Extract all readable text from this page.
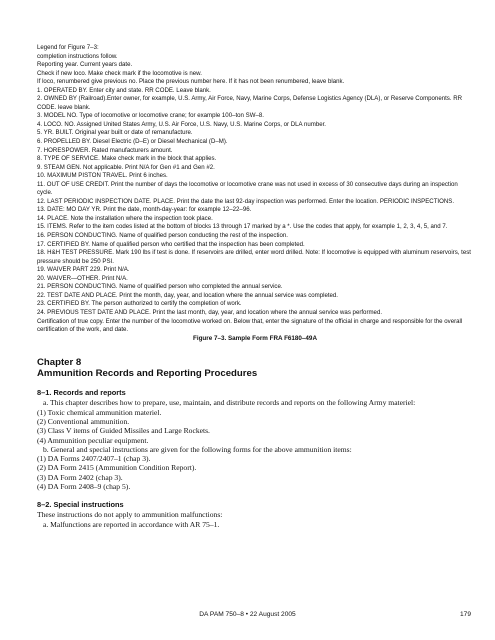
Legend for Figure 7–3:

completion instructions follow.

Reporting year. Current years date.

Check if new loco. Make check mark if the locomotive is new.

If loco, renumbered give previous no. Place the previous number here. If it has not been renumbered, leave blank.

1. OPERATED BY. Enter city and state. RR CODE. Leave blank.

2. OWNED BY (Railroad).Enter owner, for example, U.S. Army, Air Force, Navy, Marine Corps, Defense Logistics Agency (DLA), or Reserve Components. RR CODE. leave blank.

3. MODEL NO. Type of locomotive or locomotive crane; for example 100–ton SW–8.

4. LOCO. NO. Assigned United States Army, U.S. Air Force, U.S. Navy, U.S. Marine Corps, or DLA number.

5. YR. BUILT. Original year built or date of remanufacture.

6. PROPELLED BY. Diesel Electric (D–E) or Diesel Mechanical (D–M).

7. HORESPOWER. Rated manufacturers amount.

8. TYPE OF SERVICE. Make check mark in the block that applies.

9. STEAM GEN. Not applicable. Print N/A for Gen #1 and Gen #2.

10. MAXIMUM PISTON TRAVEL. Print 6 inches.

11. OUT OF USE CREDIT. Print the number of days the locomotive or locomotive crane was not used in excess of 30 consecutive days during an inspection cycle.

12. LAST PERIODIC INSPECTION DATE. PLACE. Print the date the last 92-day inspection was performed. Enter the location. PERIODIC INSPECTIONS.

13. DATE: MO DAY YR. Print the date, month-day-year: for example 12–22–96.

14. PLACE. Note the installation where the inspection took place.

15. ITEMS. Refer to the item codes listed at the bottom of blocks 13 through 17 marked by a *. Use the codes that apply, for example 1, 2, 3, 4, 5, and 7.

16. PERSON CONDUCTING. Name of qualified person conducting the rest of the inspection.

17. CERTIFIED BY. Name of qualified person who certified that the inspection has been completed.

18. H&H TEST PRESSURE. Mark 190 lbs if test is done. If reservoirs are drilled, enter word drilled. Note: If locomotive is equipped with aluminum reservoirs, test pressure should be 250 PSI.

19. WAIVER PART 229. Print N/A.

20. WAIVER—OTHER. Print N/A.

21. PERSON CONDUCTING. Name of qualified person who completed the annual service.

22. TEST DATE AND PLACE. Print the month, day, year, and location where the annual service was completed.

23. CERTIFIED BY. The person authorized to certify the completion of work.

24. PREVIOUS TEST DATE AND PLACE. Print the last month, day, year, and location where the annual service was performed.

Certification of true copy. Enter the number of the locomotive worked on. Below that, enter the signature of the official in charge and responsible for the overall certification of the work, and date.

Figure 7–3. Sample Form FRA F6180–49A

Chapter 8

Ammunition Records and Reporting Procedures

8–1. Records and reports

a. This chapter describes how to prepare, use, maintain, and distribute records and reports on the following Army materiel:

(1) Toxic chemical ammunition materiel.

(2) Conventional ammunition.

(3) Class V items of Guided Missiles and Large Rockets.

(4) Ammunition peculiar equipment.

b. General and special instructions are given for the following forms for the above ammunition items:

(1) DA Forms 2407/2407–1 (chap 3).

(2) DA Form 2415 (Ammunition Condition Report).

(3) DA Form 2402 (chap 3).

(4) DA Form 2408–9 (chap 5).

8–2. Special instructions

These instructions do not apply to ammunition malfunctions:

a. Malfunctions are reported in accordance with AR 75–1.

DA PAM 750–8 • 22 August 2005	179
